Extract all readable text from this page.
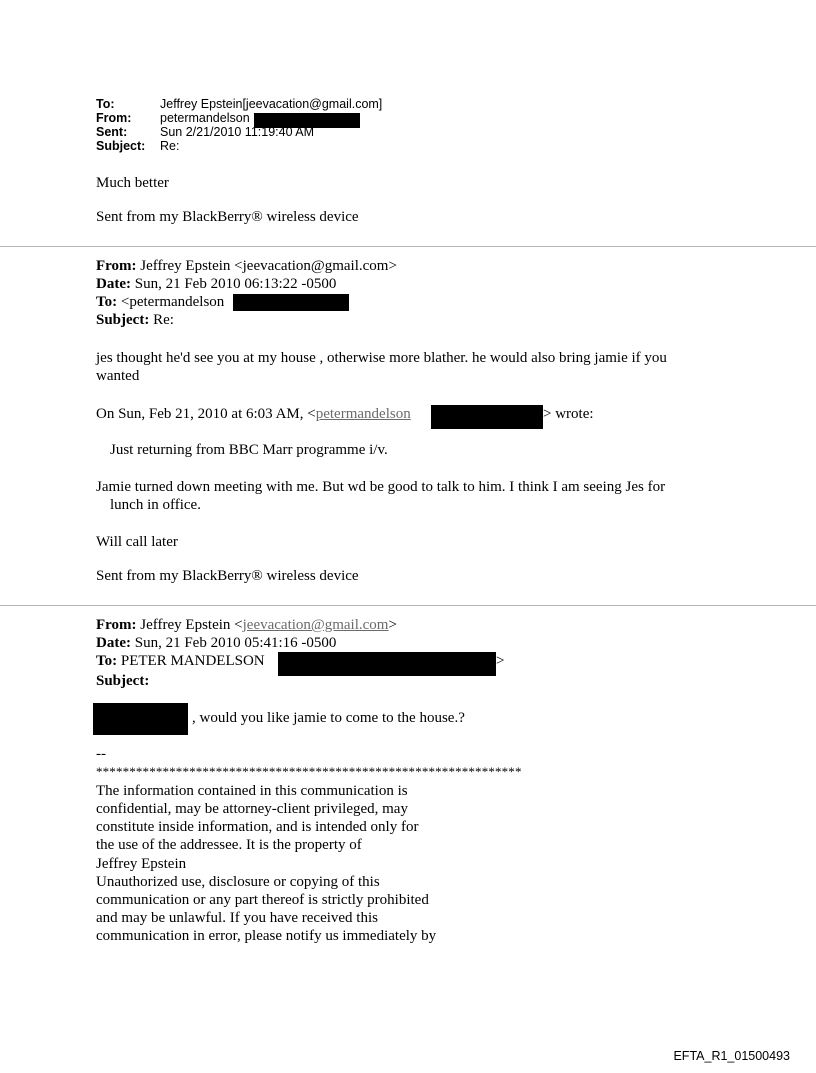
To:	Jeffrey Epstein[jeevacation@gmail.com]
From: petermandelson
Sent:	Sun 2/21/2010 11:19:40 AM
Subject: Re:
Much better
Sent from my BlackBerry® wireless device
From: Jeffrey Epstein <jeevacation@gmail.com>
Date: Sun, 21 Feb 2010 06:13:22 -0500
To: <petermandelson
Subject: Re:
jes thought he'd see you at my house , otherwise more blather. he would also bring jamie if you
wanted
On Sun, Feb 21, 2010 at 6:03 AM, <petermandelson	> wrote:
Just returning from BBC Marr programme i/v.
Jamie turned down meeting with me. But wd be good to talk to him. I think I am seeing Jes for
lunch in office.
Will call later
Sent from my BlackBerry® wireless device
From: Jeffrey Epstein <jeevacation@gmail.com>
Date: Sun, 21 Feb 2010 05:41:16 -0500
To: PETER MANDELSON	>
Subject:
, would you like jamie to come to the house.?
--
****************************************************************
The information contained in this communication is
confidential, may be attorney-client privileged, may
constitute inside information, and is intended only for
the use of the addressee. It is the property of
Jeffrey Epstein
Unauthorized use, disclosure or copying of this
communication or any part thereof is strictly prohibited
and may be unlawful. If you have received this
communication in error, please notify us immediately by
EFTA_R1_01500493
